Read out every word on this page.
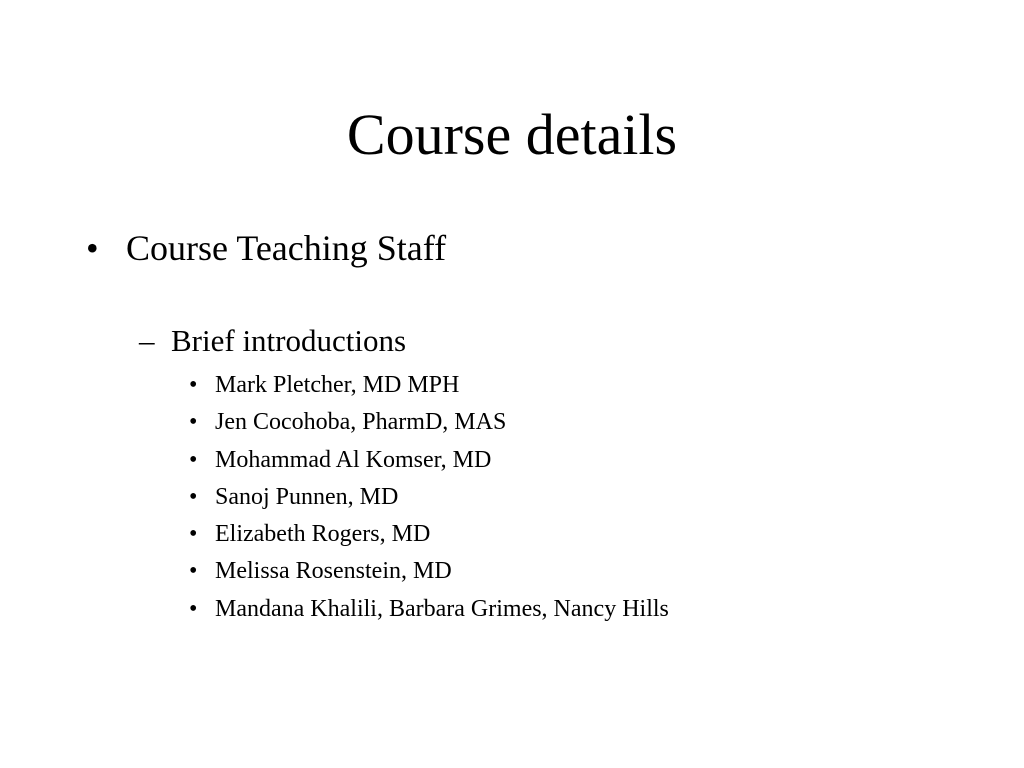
Course details
• Course Teaching Staff
– Brief introductions
• Mark Pletcher, MD MPH
• Jen Cocohoba, PharmD, MAS
• Mohammad Al Komser, MD
• Sanoj Punnen, MD
• Elizabeth Rogers, MD
• Melissa Rosenstein, MD
• Mandana Khalili, Barbara Grimes, Nancy Hills
